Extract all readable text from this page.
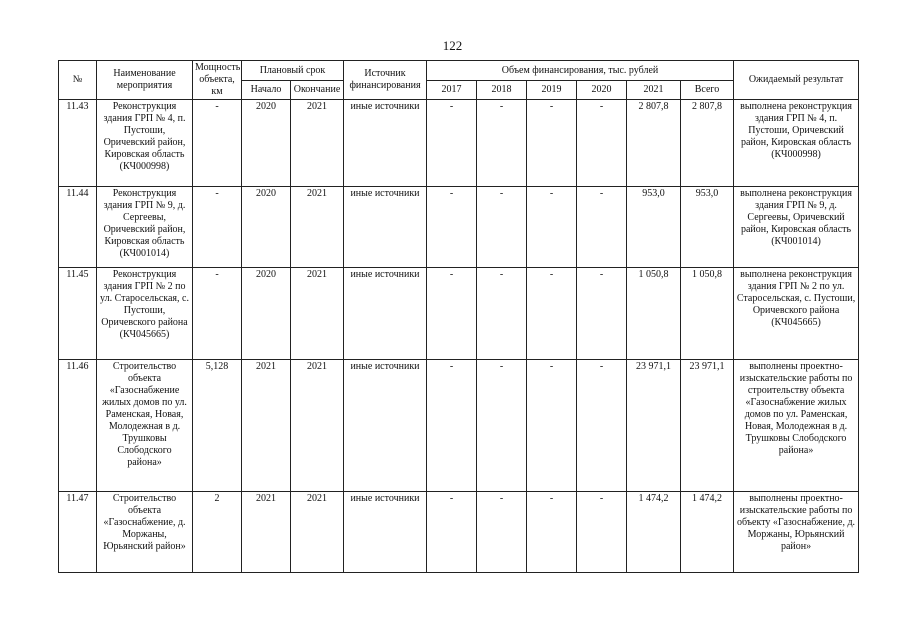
122
№	Наименование мероприятия	Мощность объекта, км	Плановый срок		Источник финансирования	Объем финансирования, тыс. рублей						Ожидаемый результат
			Начало	Окончание		2017	2018	2019	2020	2021	Всего	
11.43	Реконструкция здания ГРП № 4, п. Пустоши, Оричевский район, Кировская область (КЧ000998)	-	2020	2021	иные источники	-	-	-	-	2 807,8	2 807,8	выполнена реконструкция здания ГРП № 4, п. Пустоши, Оричевский район, Кировская область (КЧ000998)
11.44	Реконструкция здания ГРП № 9, д. Сергеевы, Оричевский район, Кировская область (КЧ001014)	-	2020	2021	иные источники	-	-	-	-	953,0	953,0	выполнена реконструкция здания ГРП № 9, д. Сергеевы, Оричевский район, Кировская область (КЧ001014)
11.45	Реконструкция здания ГРП № 2 по ул. Старосельская, с. Пустоши, Оричевского района (КЧ045665)	-	2020	2021	иные источники	-	-	-	-	1 050,8	1 050,8	выполнена реконструкция здания ГРП № 2 по ул. Старосельская, с. Пустоши, Оричевского района (КЧ045665)
11.46	Строительство объекта «Газоснабжение жилых домов по ул. Раменская, Новая, Молодежная в д. Трушковы Слободского района»	5,128	2021	2021	иные источники	-	-	-	-	23 971,1	23 971,1	выполнены проектно-изыскательские работы по строительству объекта «Газоснабжение жилых домов по ул. Раменская, Новая, Молодежная в д. Трушковы Слободского района»
11.47	Строительство объекта «Газоснабжение, д. Моржаны, Юрьянский район»	2	2021	2021	иные источники	-	-	-	-	1 474,2	1 474,2	выполнены проектно-изыскательские работы по объекту «Газоснабжение, д. Моржаны, Юрьянский район»
